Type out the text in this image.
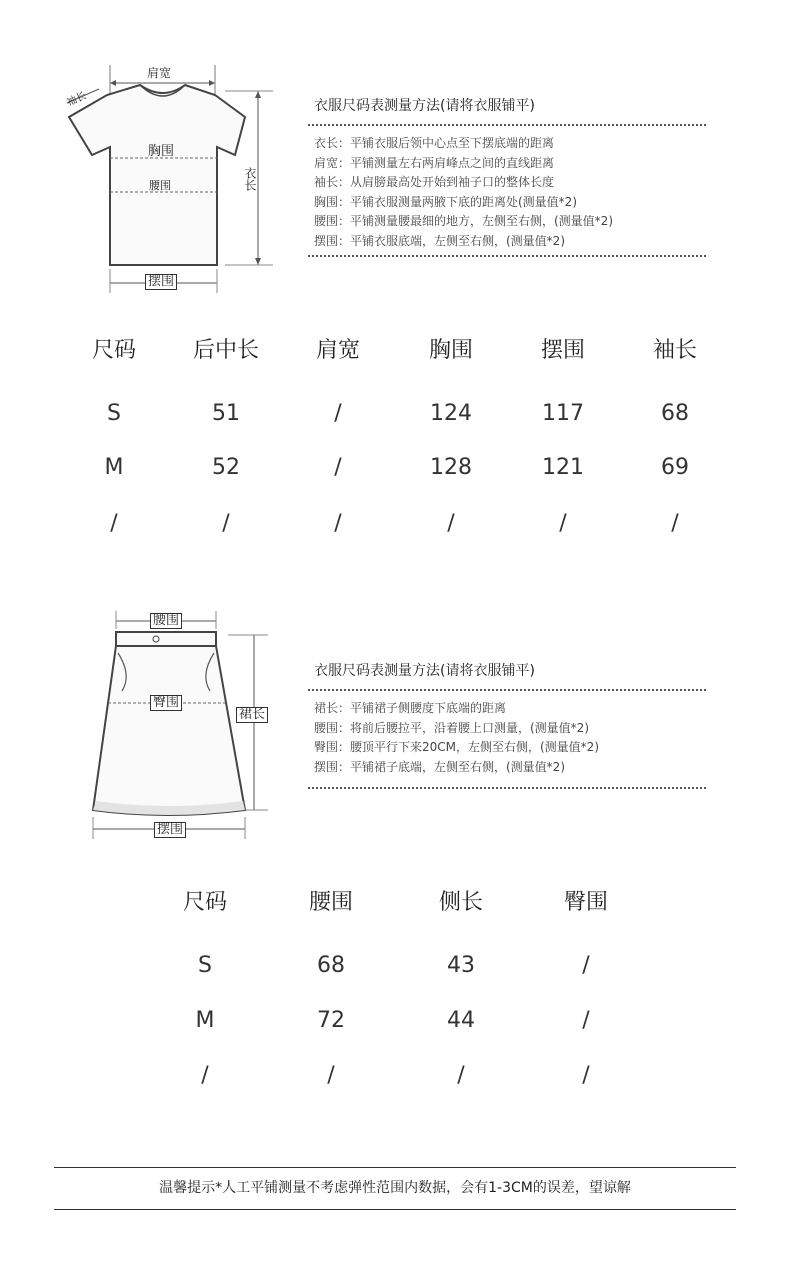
肩宽
袖长
胸围
腰围	衣长
摆围
衣服尺码表测量方法(请将衣服铺平)
衣长：平铺衣服后领中心点至下摆底端的距离
肩宽：平铺测量左右两肩峰点之间的直线距离
袖长：从肩膀最高处开始到袖子口的整体长度
胸围：平铺衣服测量两腋下底的距离处(测量值*2)
腰围：平铺测量腰最细的地方，左侧至右侧，(测量值*2)
摆围：平铺衣服底端，左侧至右侧，(测量值*2)
尺码	后中长	肩宽	胸围	摆围	袖长
S	51	/	124	117	68
M	52	/	128	121	69
/	/	/	/	/	/
腰围
臀围
裙长
摆围
衣服尺码表测量方法(请将衣服铺平)
裙长：平铺裙子侧腰度下底端的距离
腰围：将前后腰拉平，沿着腰上口测量，(测量值*2)
臀围：腰顶平行下来20CM，左侧至右侧，(测量值*2)
摆围：平铺裙子底端，左侧至右侧，(测量值*2)
尺码	腰围	侧长	臀围
S	68	43	/
M	72	44	/
/	/	/	/
温馨提示*人工平铺测量不考虑弹性范围内数据，会有1-3CM的误差，望谅解
